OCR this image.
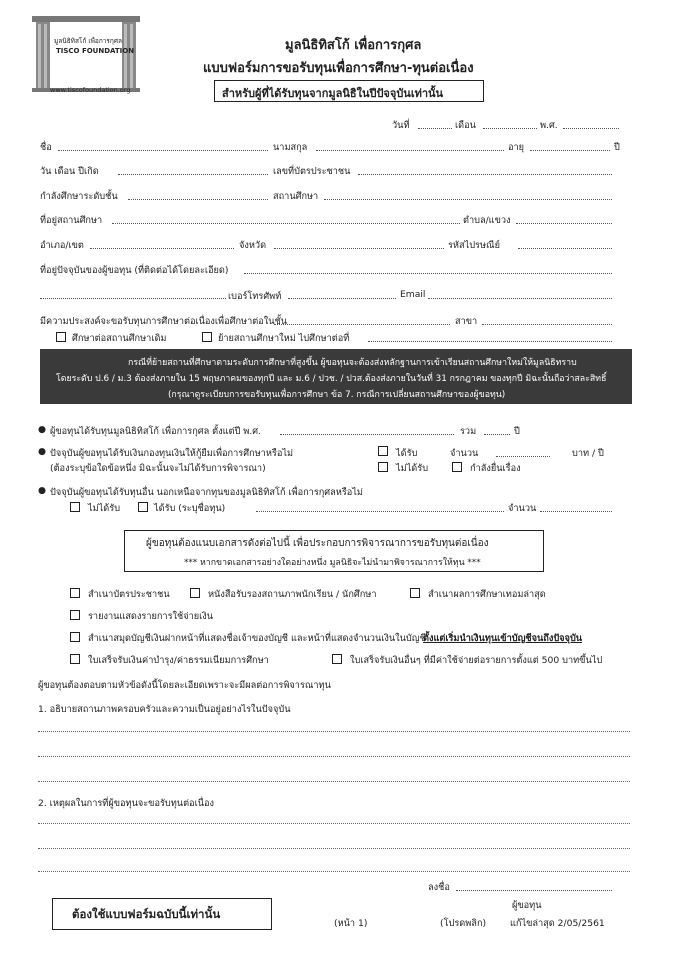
มูลนิธิทิสโก้ เพื่อการกุศล
TISCO FOUNDATION
www.tiscofoundation.org
มูลนิธิทิสโก้ เพื่อการกุศล
แบบฟอร์มการขอรับทุนเพื่อการศึกษา-ทุนต่อเนื่อง
สำหรับผู้ที่ได้รับทุนจากมูลนิธิในปีปัจจุบันเท่านั้น
วันที่	เดือน	พ.ศ.
ชื่อ	นามสกุล	อายุ	ปี
วัน เดือน ปีเกิด	เลขที่บัตรประชาชน
กำลังศึกษาระดับชั้น	สถานศึกษา
ที่อยู่สถานศึกษา	ตำบล/แขวง
อำเภอ/เขต	จังหวัด	รหัสไปรษณีย์
ที่อยู่ปัจจุบันของผู้ขอทุน (ที่ติดต่อได้โดยละเอียด)
เบอร์โทรศัพท์	Email
มีความประสงค์จะขอรับทุนการศึกษาต่อเนื่องเพื่อศึกษาต่อในชั้น	สาขา
ศึกษาต่อสถานศึกษาเดิม	ย้ายสถานศึกษาใหม่ ไปศึกษาต่อที่
กรณีที่ย้ายสถานที่ศึกษาตามระดับการศึกษาที่สูงขึ้น ผู้ขอทุนจะต้องส่งหลักฐานการเข้าเรียนสถานศึกษาใหม่ให้มูลนิธิทราบ
โดยระดับ ป.6 / ม.3 ต้องส่งภายใน 15 พฤษภาคมของทุกปี และ ม.6 / ปวช. / ปวส.ต้องส่งภายในวันที่ 31 กรกฎาคม ของทุกปี มิฉะนั้นถือว่าสละสิทธิ์
(กรุณาดูระเบียบการขอรับทุนเพื่อการศึกษา ข้อ 7. กรณีการเปลี่ยนสถานศึกษาของผู้ขอทุน)
● ผู้ขอทุนได้รับทุนมูลนิธิทิสโก้ เพื่อการกุศล ตั้งแต่ปี พ.ศ.	รวม	ปี
● ปัจจุบันผู้ขอทุนได้รับเงินกองทุนเงินให้กู้ยืมเพื่อการศึกษาหรือไม่
(ต้องระบุข้อใดข้อหนึ่ง มิฉะนั้นจะไม่ได้รับการพิจารณา)
ได้รับ	จำนวน	บาท / ปี
ไม่ได้รับ	กำลังยื่นเรื่อง
● ปัจจุบันผู้ขอทุนได้รับทุนอื่น นอกเหนือจากทุนของมูลนิธิทิสโก้ เพื่อการกุศลหรือไม่
ไม่ได้รับ	ได้รับ (ระบุชื่อทุน)	จำนวน
ผู้ขอทุนต้องแนบเอกสารดังต่อไปนี้ เพื่อประกอบการพิจารณาการขอรับทุนต่อเนื่อง
*** หากขาดเอกสารอย่างใดอย่างหนึ่ง มูลนิธิจะไม่นำมาพิจารณาการให้ทุน ***
สำเนาบัตรประชาชน	หนังสือรับรองสถานภาพนักเรียน / นักศึกษา	สำเนาผลการศึกษาเทอมล่าสุด
รายงานแสดงรายการใช้จ่ายเงิน
สำเนาสมุดบัญชีเงินฝากหน้าที่แสดงชื่อเจ้าของบัญชี และหน้าที่แสดงจำนวนเงินในบัญชี
ตั้งแต่เริ่มนำเงินทุนเข้าบัญชีจนถึงปัจจุบัน
ใบเสร็จรับเงินค่าบำรุง/ค่าธรรมเนียมการศึกษา	ใบเสร็จรับเงินอื่นๆ ที่มีค่าใช้จ่ายต่อรายการตั้งแต่ 500 บาทขึ้นไป
ผู้ขอทุนต้องตอบตามหัวข้อดังนี้โดยละเอียดเพราะจะมีผลต่อการพิจารณาทุน
1. อธิบายสถานภาพครอบครัวและความเป็นอยู่อย่างไรในปัจจุบัน
2. เหตุผลในการที่ผู้ขอทุนจะขอรับทุนต่อเนื่อง
ลงชื่อ
ผู้ขอทุน
ต้องใช้แบบฟอร์มฉบับนี้เท่านั้น
(หน้า 1)	(โปรดพลิก)	แก้ไขล่าสุด 2/05/2561
